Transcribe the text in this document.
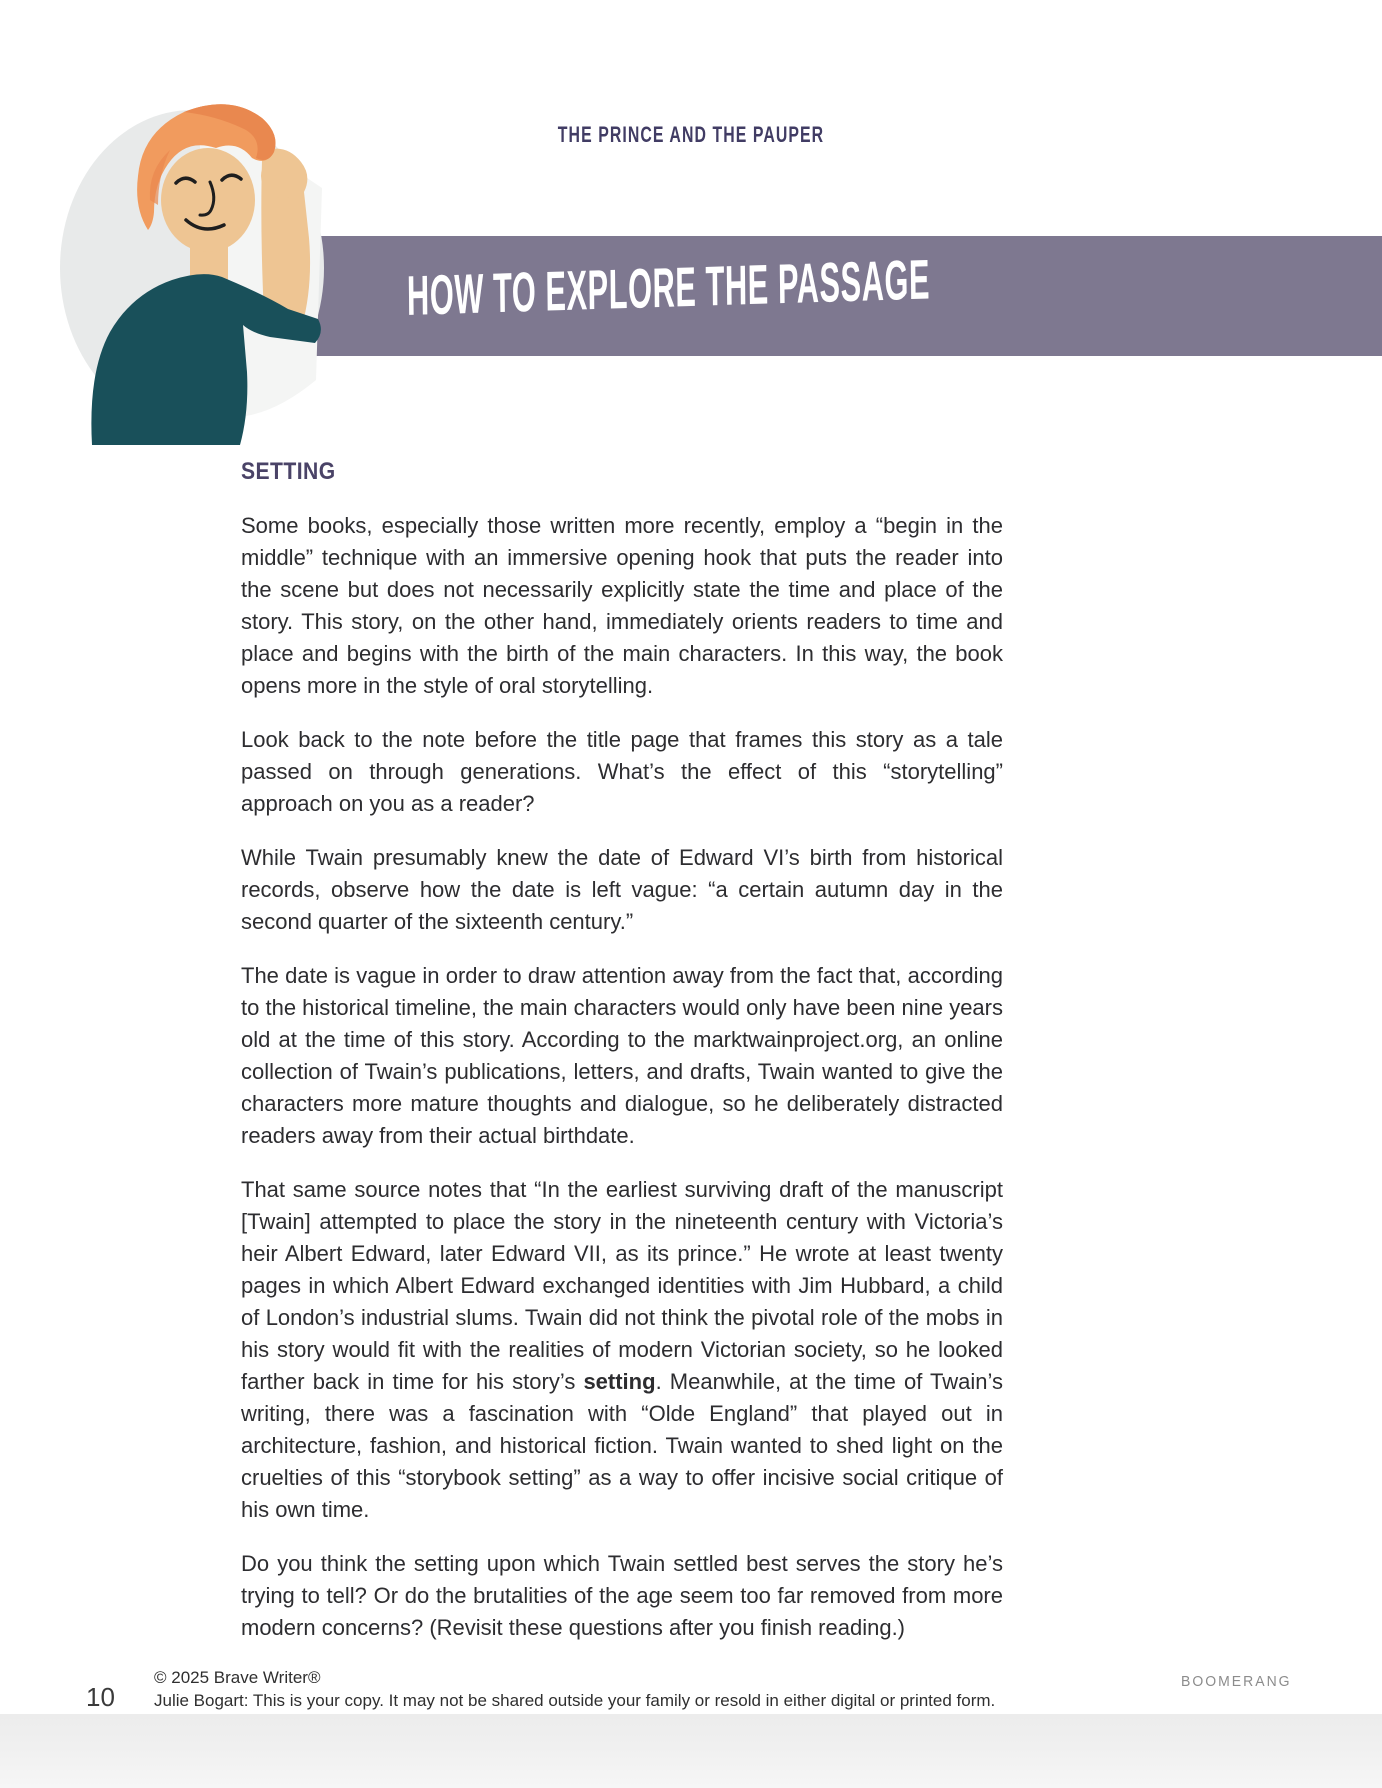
THE PRINCE AND THE PAUPER
HOW TO EXPLORE THE PASSAGE
SETTING

Some books, especially those written more recently, employ a “begin in the middle” technique with an immersive opening hook that puts the reader into the scene but does not necessarily explicitly state the time and place of the story. This story, on the other hand, immediately orients readers to time and place and begins with the birth of the main characters. In this way, the book opens more in the style of oral storytelling.

Look back to the note before the title page that frames this story as a tale passed on through generations. What’s the effect of this “storytelling” approach on you as a reader?

While Twain presumably knew the date of Edward VI’s birth from historical records, observe how the date is left vague: “a certain autumn day in the second quarter of the sixteenth century.”

The date is vague in order to draw attention away from the fact that, according to the historical timeline, the main characters would only have been nine years old at the time of this story. According to the marktwainproject.org, an online collection of Twain’s publications, letters, and drafts, Twain wanted to give the characters more mature thoughts and dialogue, so he deliberately distracted readers away from their actual birthdate.

That same source notes that “In the earliest surviving draft of the manuscript [Twain] attempted to place the story in the nineteenth century with Victoria’s heir Albert Edward, later Edward VII, as its prince.” He wrote at least twenty pages in which Albert Edward exchanged identities with Jim Hubbard, a child of London’s industrial slums. Twain did not think the pivotal role of the mobs in his story would fit with the realities of modern Victorian society, so he looked farther back in time for his story’s setting. Meanwhile, at the time of Twain’s writing, there was a fascination with “Olde England” that played out in architecture, fashion, and historical fiction. Twain wanted to shed light on the cruelties of this “storybook setting” as a way to offer incisive social critique of his own time.

Do you think the setting upon which Twain settled best serves the story he’s trying to tell? Or do the brutalities of the age seem too far removed from more modern concerns? (Revisit these questions after you finish reading.)

10
© 2025 Brave Writer®
Julie Bogart: This is your copy. It may not be shared outside your family or resold in either digital or printed form.
BOOMERANG
